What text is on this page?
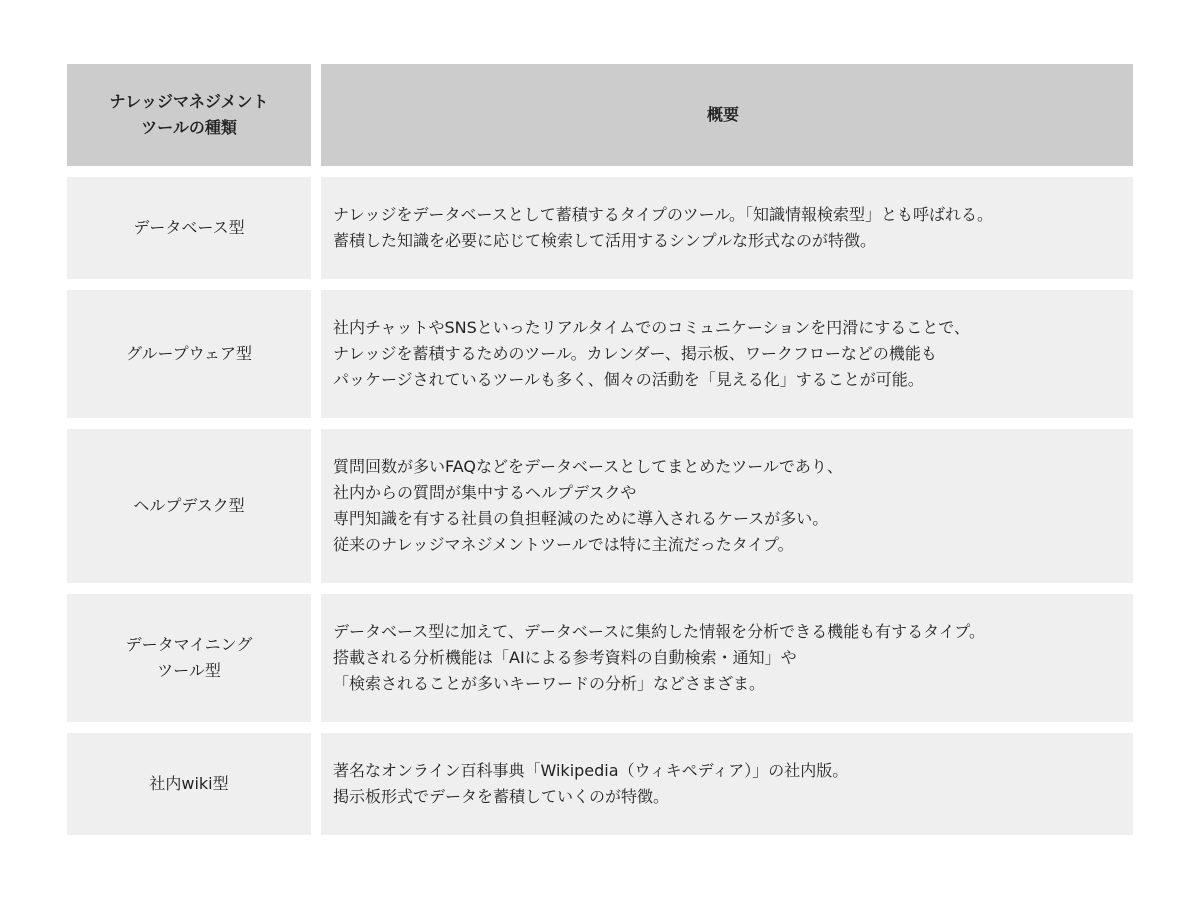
ナレッジマネジメント
ツールの種類
概要
データベース型
ナレッジをデータベースとして蓄積するタイプのツール。「知識情報検索型」とも呼ばれる。
蓄積した知識を必要に応じて検索して活用するシンプルな形式なのが特徴。
グループウェア型
社内チャットやSNSといったリアルタイムでのコミュニケーションを円滑にすることで、
ナレッジを蓄積するためのツール。カレンダー、掲示板、ワークフローなどの機能も
パッケージされているツールも多く、個々の活動を「見える化」することが可能。
ヘルプデスク型
質問回数が多いFAQなどをデータベースとしてまとめたツールであり、
社内からの質問が集中するヘルプデスクや
専門知識を有する社員の負担軽減のために導入されるケースが多い。
従来のナレッジマネジメントツールでは特に主流だったタイプ。
データマイニング
ツール型
データベース型に加えて、データベースに集約した情報を分析できる機能も有するタイプ。
搭載される分析機能は「AIによる参考資料の自動検索・通知」や
「検索されることが多いキーワードの分析」などさまざま。
社内wiki型
著名なオンライン百科事典「Wikipedia（ウィキペディア）」の社内版。
掲示板形式でデータを蓄積していくのが特徴。
